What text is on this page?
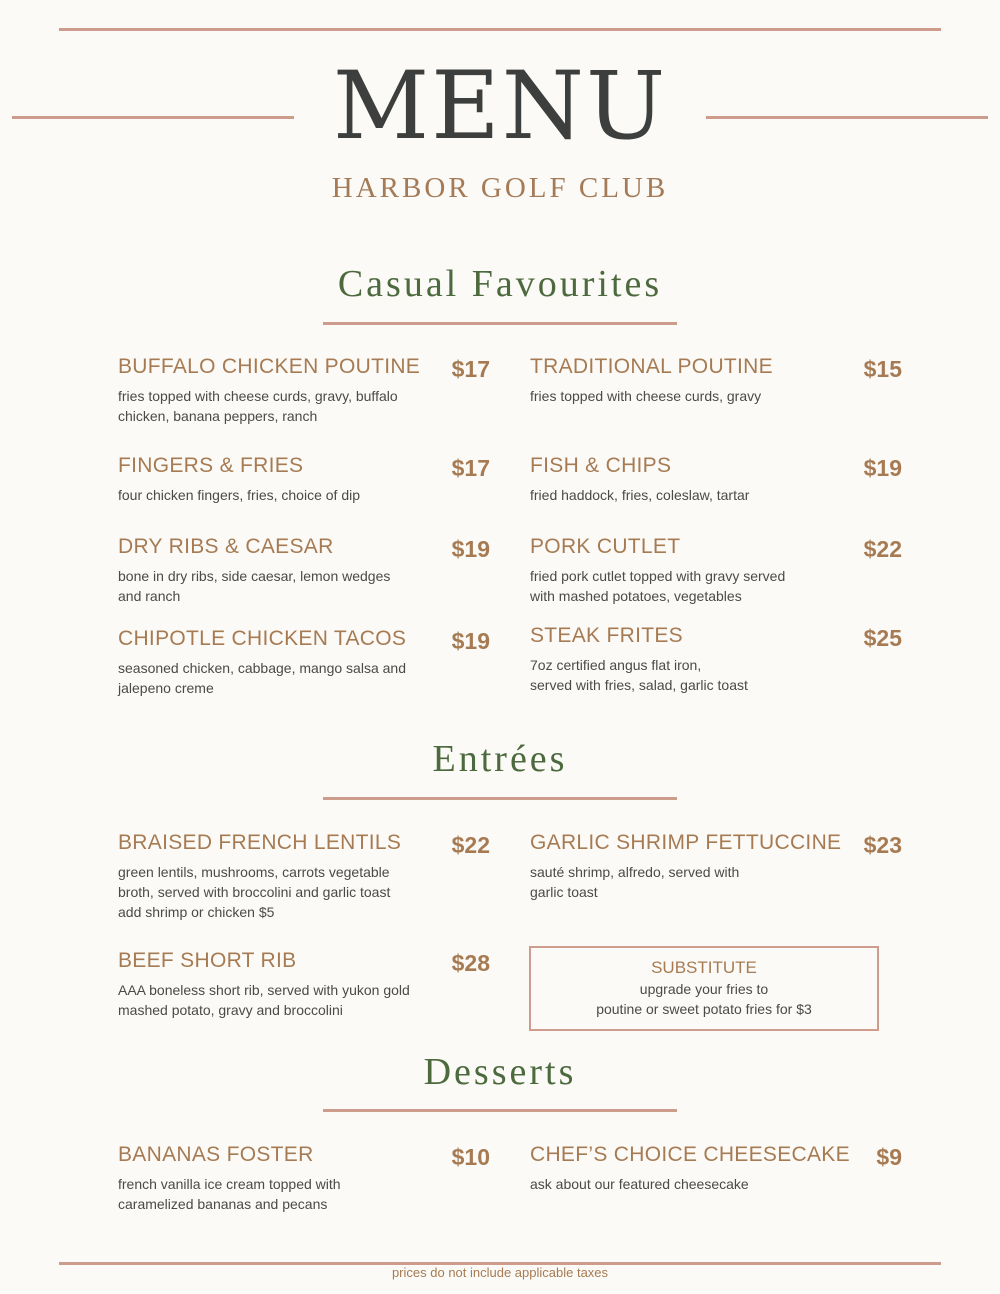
MENU
HARBOR GOLF CLUB
Casual Favourites
BUFFALO CHICKEN POUTINE	$17
fries topped with cheese curds, gravy, buffalo
chicken, banana peppers, ranch
TRADITIONAL POUTINE	$15
fries topped with cheese curds, gravy
FINGERS & FRIES	$17
four chicken fingers, fries, choice of dip
FISH & CHIPS	$19
fried haddock, fries, coleslaw, tartar
DRY RIBS & CAESAR	$19
bone in dry ribs, side caesar, lemon wedges
and ranch
PORK CUTLET	$22
fried pork cutlet topped with gravy served
with mashed potatoes, vegetables
CHIPOTLE CHICKEN TACOS	$19
seasoned chicken, cabbage, mango salsa and
jalepeno creme
STEAK FRITES	$25
7oz certified angus flat iron,
served with fries, salad, garlic toast
Entrées
BRAISED FRENCH LENTILS	$22
green lentils, mushrooms, carrots vegetable
broth, served with broccolini and garlic toast
add shrimp or chicken $5
GARLIC SHRIMP FETTUCCINE $23
sauté shrimp, alfredo, served with
garlic toast
BEEF SHORT RIB	$28
AAA boneless short rib, served with yukon gold
mashed potato, gravy and broccolini
SUBSTITUTE
upgrade your fries to
poutine or sweet potato fries for $3
Desserts
BANANAS FOSTER	$10
french vanilla ice cream topped with
caramelized bananas and pecans
CHEF’S CHOICE CHEESECAKE	$9
ask about our featured cheesecake
prices do not include applicable taxes
